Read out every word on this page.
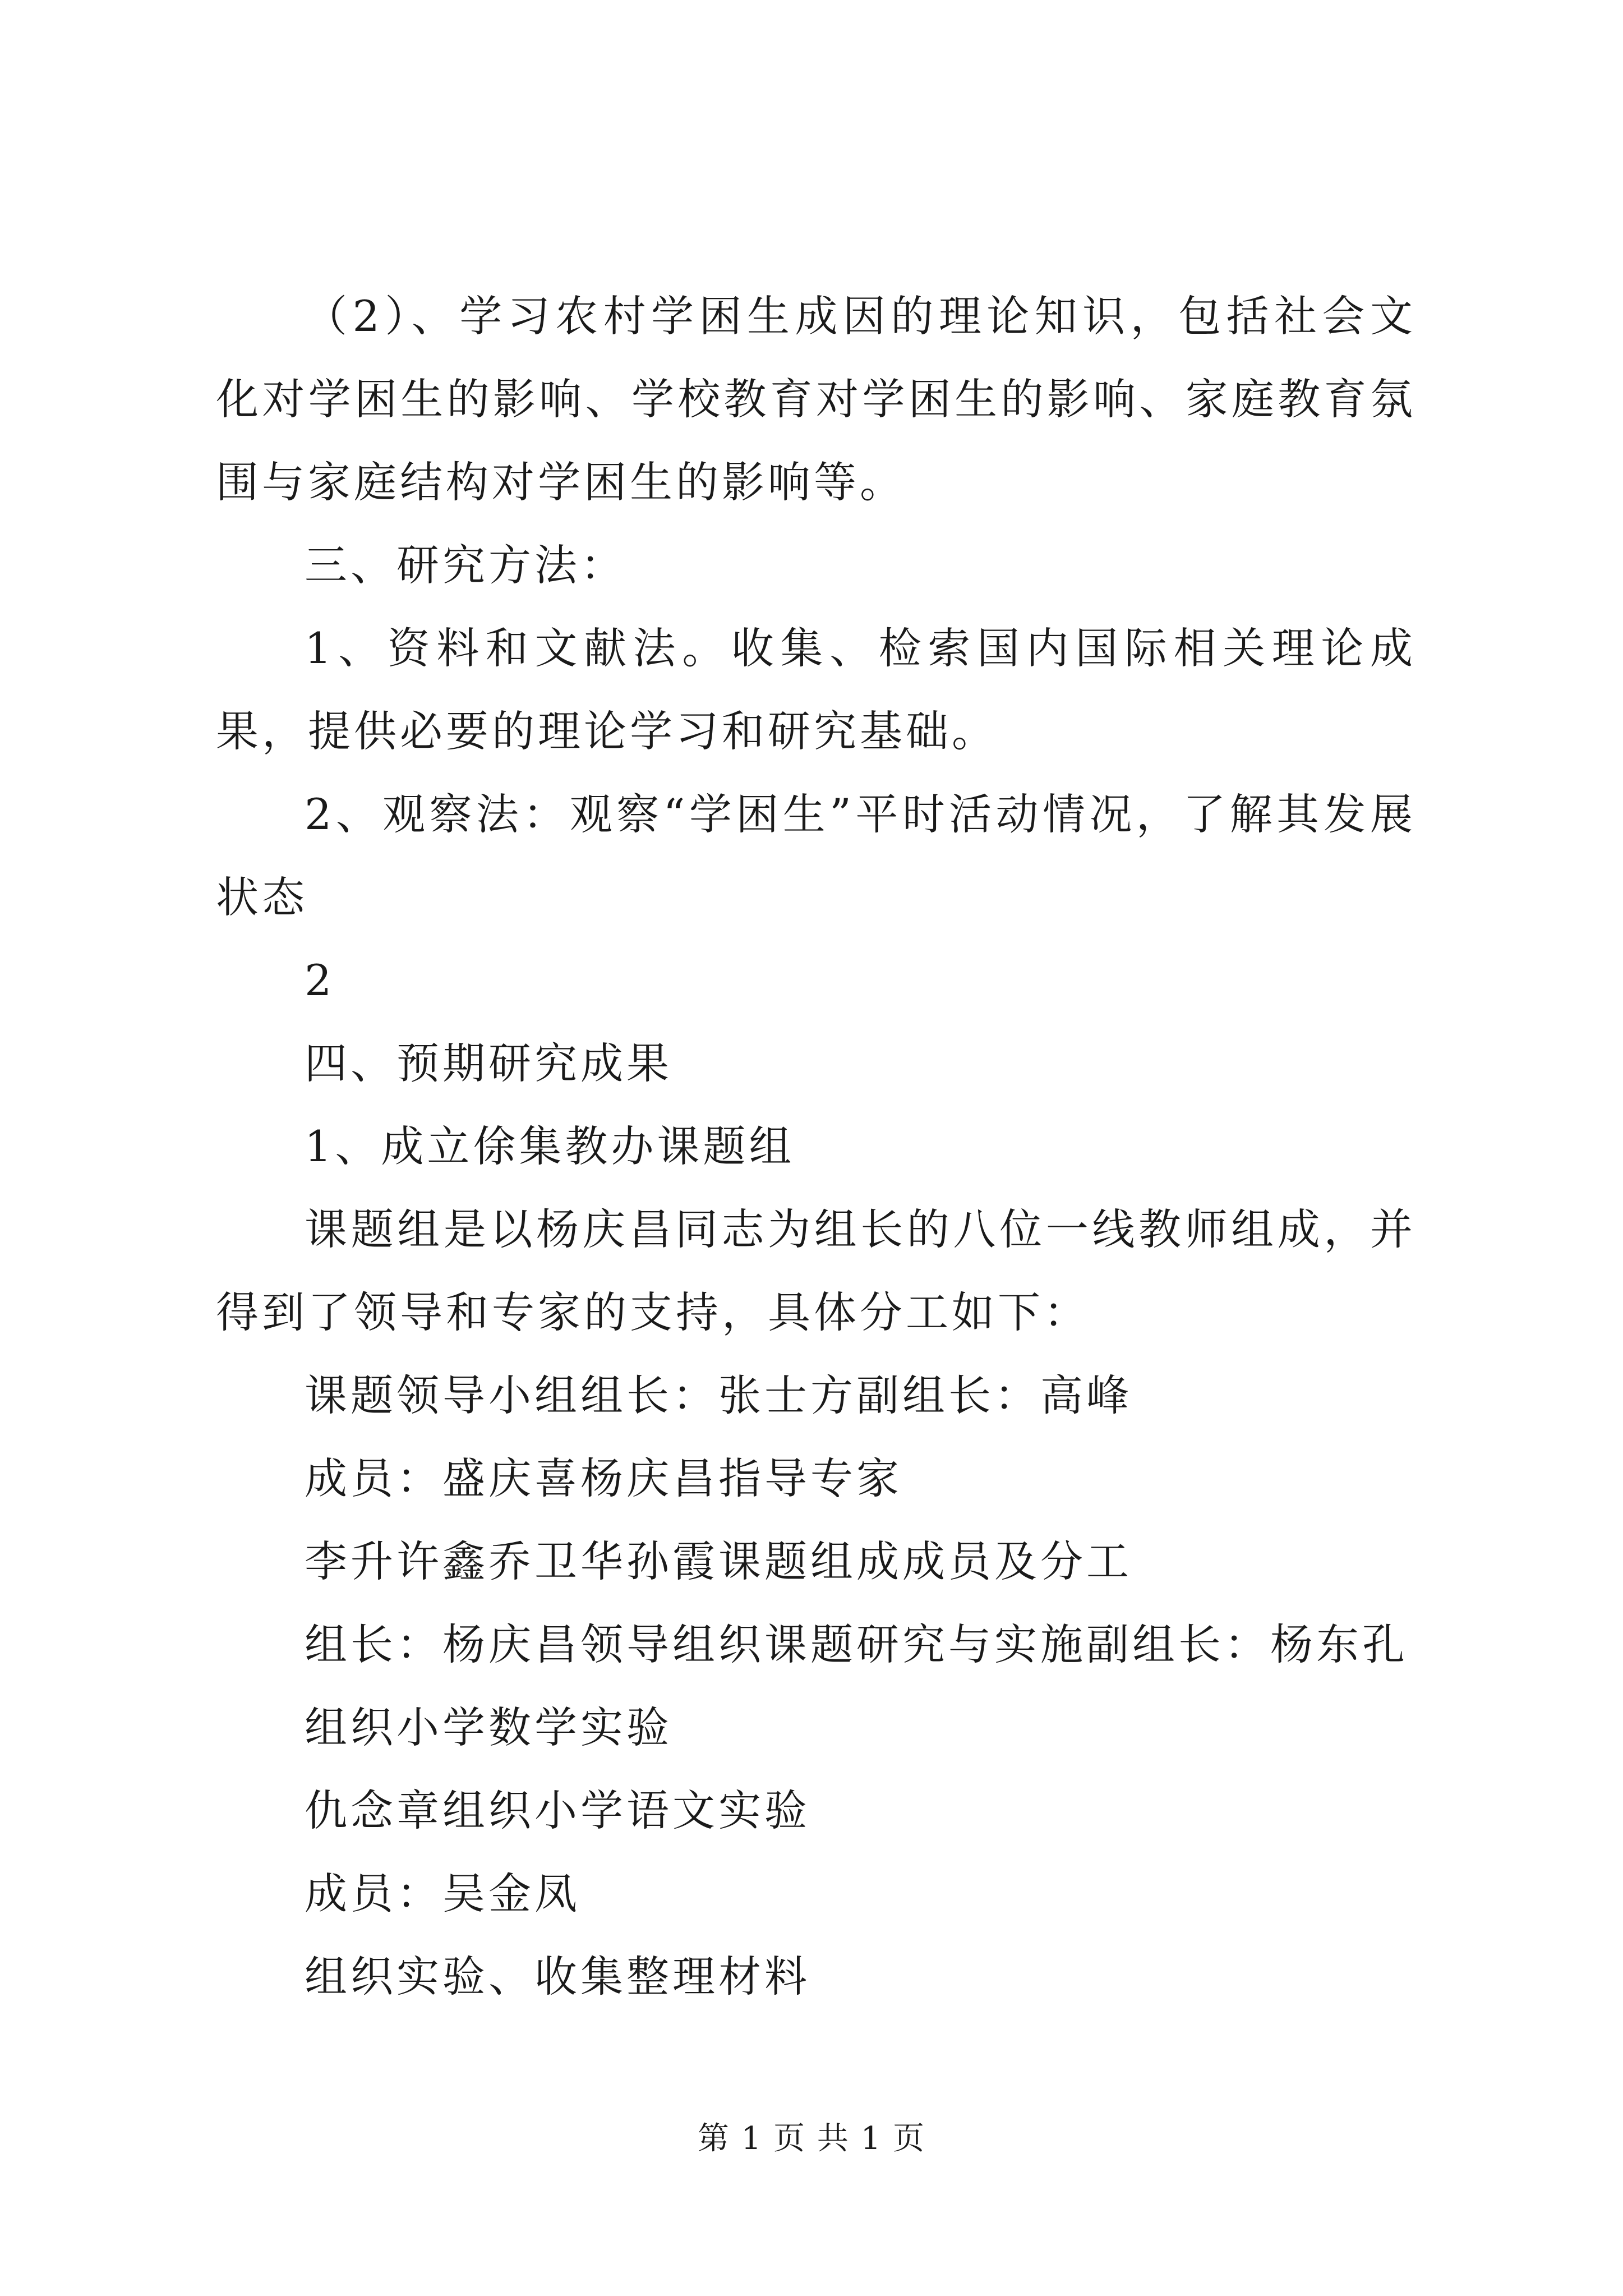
（2）、学习农村学困生成因的理论知识，包括社会文化对学困生的影响、学校教育对学困生的影响、家庭教育氛围与家庭结构对学困生的影响等。

三、研究方法：

1、资料和文献法。收集、检索国内国际相关理论成果，提供必要的理论学习和研究基础。

2、观察法：观察“学困生”平时活动情况，了解其发展状态

2

四、预期研究成果

1、成立俆集教办课题组

课题组是以杨庆昌同志为组长的八位一线教师组成，并得到了领导和专家的支持，具体分工如下：

课题领导小组组长：张士方副组长：高峰

成员：盛庆喜杨庆昌指导专家

李升许鑫乔卫华孙霞课题组成成员及分工

组长：杨庆昌领导组织课题研究与实施副组长：杨东孔

组织小学数学实验

仇念章组织小学语文实验

成员：吴金凤

组织实验、收集整理材料

第 1 页 共 1 页
